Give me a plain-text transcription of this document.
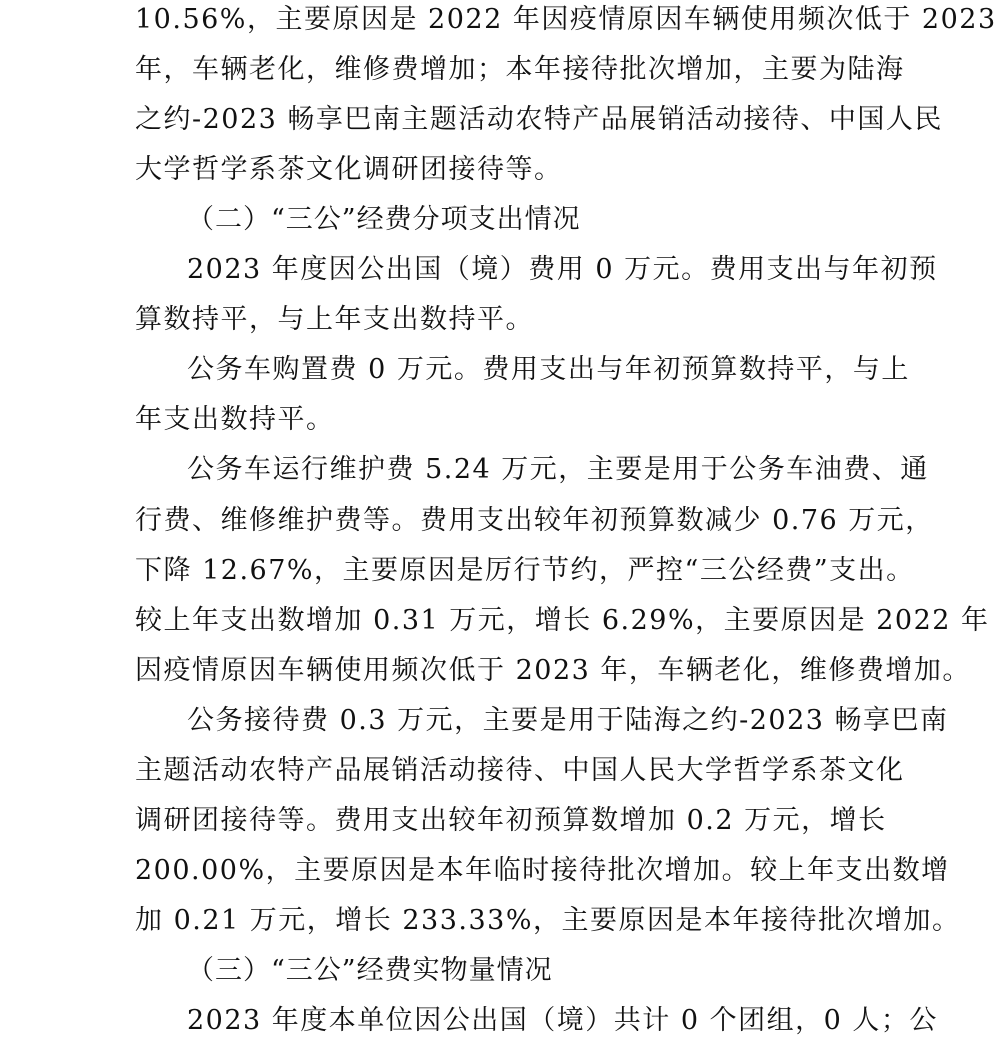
10.56%，主要原因是 2022 年因疫情原因车辆使用频次低于 2023
年，车辆老化，维修费增加；本年接待批次增加，主要为陆海
之约-2023 畅享巴南主题活动农特产品展销活动接待、中国人民
大学哲学系茶文化调研团接待等。
（二）“三公”经费分项支出情况
2023 年度因公出国（境）费用 0 万元。费用支出与年初预
算数持平，与上年支出数持平。
公务车购置费 0 万元。费用支出与年初预算数持平，与上
年支出数持平。
公务车运行维护费 5.24 万元，主要是用于公务车油费、通
行费、维修维护费等。费用支出较年初预算数减少 0.76 万元，
下降 12.67%，主要原因是厉行节约，严控“三公经费”支出。
较上年支出数增加 0.31 万元，增长 6.29%，主要原因是 2022 年
因疫情原因车辆使用频次低于 2023 年，车辆老化，维修费增加。
公务接待费 0.3 万元，主要是用于陆海之约-2023 畅享巴南
主题活动农特产品展销活动接待、中国人民大学哲学系茶文化
调研团接待等。费用支出较年初预算数增加 0.2 万元，增长
200.00%，主要原因是本年临时接待批次增加。较上年支出数增
加 0.21 万元，增长 233.33%，主要原因是本年接待批次增加。
（三）“三公”经费实物量情况
2023 年度本单位因公出国（境）共计 0 个团组，0 人；公
